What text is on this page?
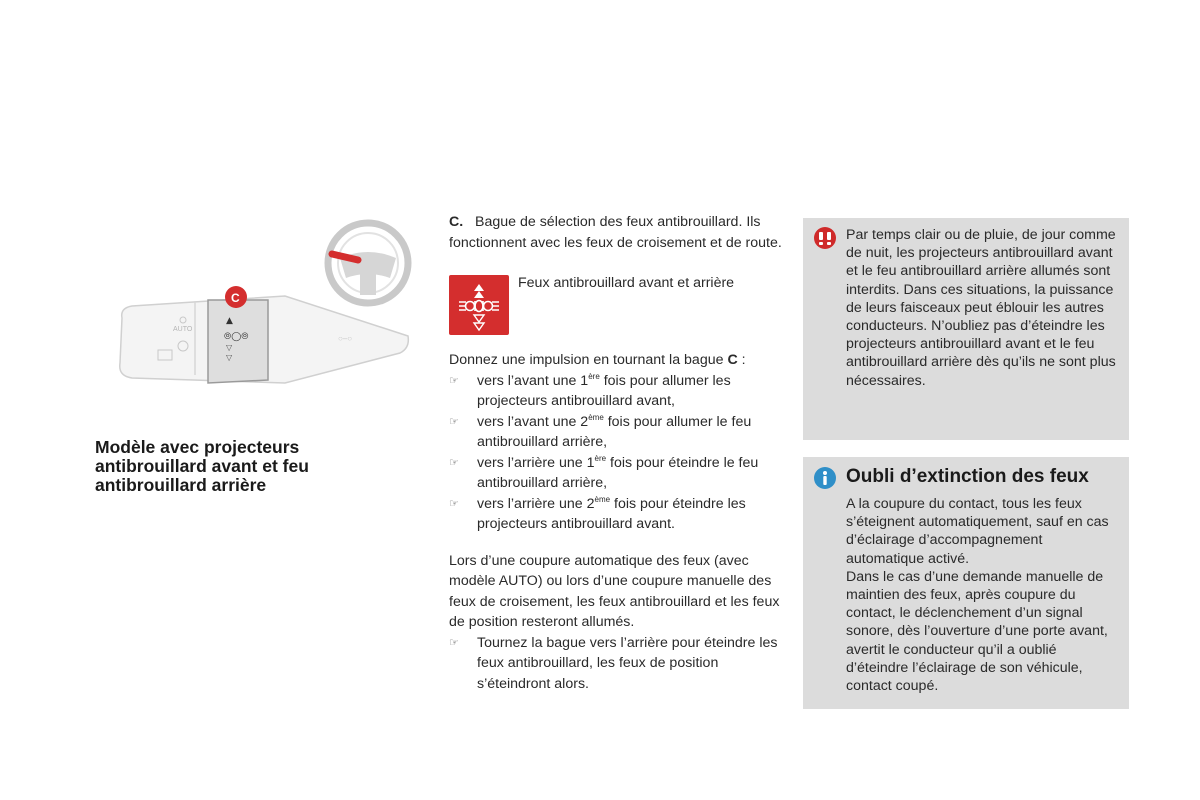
AUTO
○–○
▲
⦾◯⦾
▽
▽
C
Modèle avec projecteurs antibrouillard avant et feu antibrouillard arrière

C. Bague de sélection des feux antibrouillard. Ils fonctionnent avec les feux de croisement et de route.

Feux antibrouillard avant et arrière

Donnez une impulsion en tournant la bague C :

☞ vers l’avant une 1ère fois pour allumer les projecteurs antibrouillard avant,
☞ vers l’avant une 2ème fois pour allumer le feu antibrouillard arrière,
☞ vers l’arrière une 1ère fois pour éteindre le feu antibrouillard arrière,
☞ vers l’arrière une 2ème fois pour éteindre les projecteurs antibrouillard avant.

Lors d’une coupure automatique des feux (avec modèle AUTO) ou lors d’une coupure manuelle des feux de croisement, les feux antibrouillard et les feux de position resteront allumés.

☞ Tournez la bague vers l’arrière pour éteindre les feux antibrouillard, les feux de position s’éteindront alors.
Par temps clair ou de pluie, de jour comme de nuit, les projecteurs antibrouillard avant et le feu antibrouillard arrière allumés sont interdits. Dans ces situations, la puissance de leurs faisceaux peut éblouir les autres conducteurs. N’oubliez pas d’éteindre les projecteurs antibrouillard avant et le feu antibrouillard arrière dès qu’ils ne sont plus nécessaires.
Oubli d’extinction des feux
A la coupure du contact, tous les feux s’éteignent automatiquement, sauf en cas d’éclairage d’accompagnement automatique activé.
Dans le cas d’une demande manuelle de maintien des feux, après coupure du contact, le déclenchement d’un signal sonore, dès l’ouverture d’une porte avant, avertit le conducteur qu’il a oublié d’éteindre l’éclairage de son véhicule, contact coupé.
